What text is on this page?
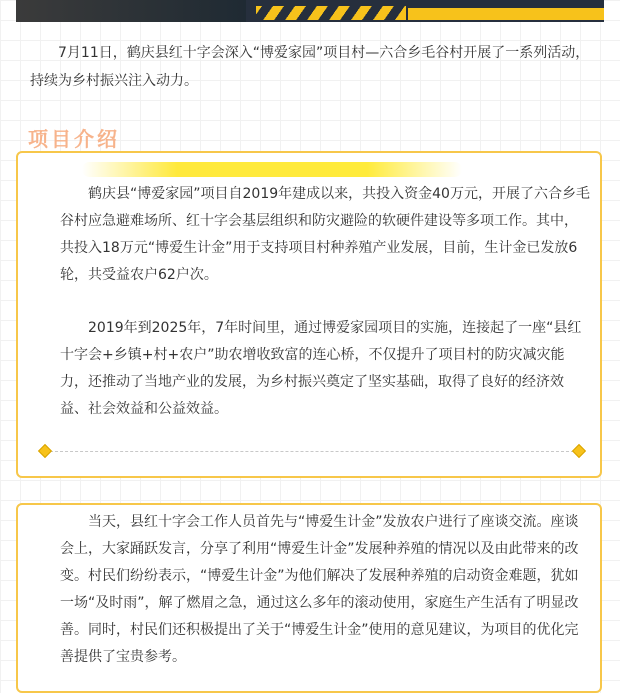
7月11日，鹤庆县红十字会深入“博爱家园”项目村—六合乡毛谷村开展了一系列活动，持续为乡村振兴注入动力。

项目介绍

鹤庆县“博爱家园”项目自2019年建成以来，共投入资金40万元，开展了六合乡毛谷村应急避难场所、红十字会基层组织和防灾避险的软硬件建设等多项工作。其中，共投入18万元“博爱生计金”用于支持项目村种养殖产业发展，目前，生计金已发放6轮，共受益农户62户次。

2019年到2025年，7年时间里，通过博爱家园项目的实施，连接起了一座“县红十字会+乡镇+村+农户”助农增收致富的连心桥，不仅提升了项目村的防灾减灾能力，还推动了当地产业的发展，为乡村振兴奠定了坚实基础，取得了良好的经济效益、社会效益和公益效益。

当天，县红十字会工作人员首先与“博爱生计金”发放农户进行了座谈交流。座谈会上，大家踊跃发言，分享了利用“博爱生计金”发展种养殖的情况以及由此带来的改变。村民们纷纷表示，“博爱生计金”为他们解决了发展种养殖的启动资金难题，犹如一场“及时雨”，解了燃眉之急，通过这么多年的滚动使用，家庭生产生活有了明显改善。同时，村民们还积极提出了关于“博爱生计金”使用的意见建议，为项目的优化完善提供了宝贵参考。
